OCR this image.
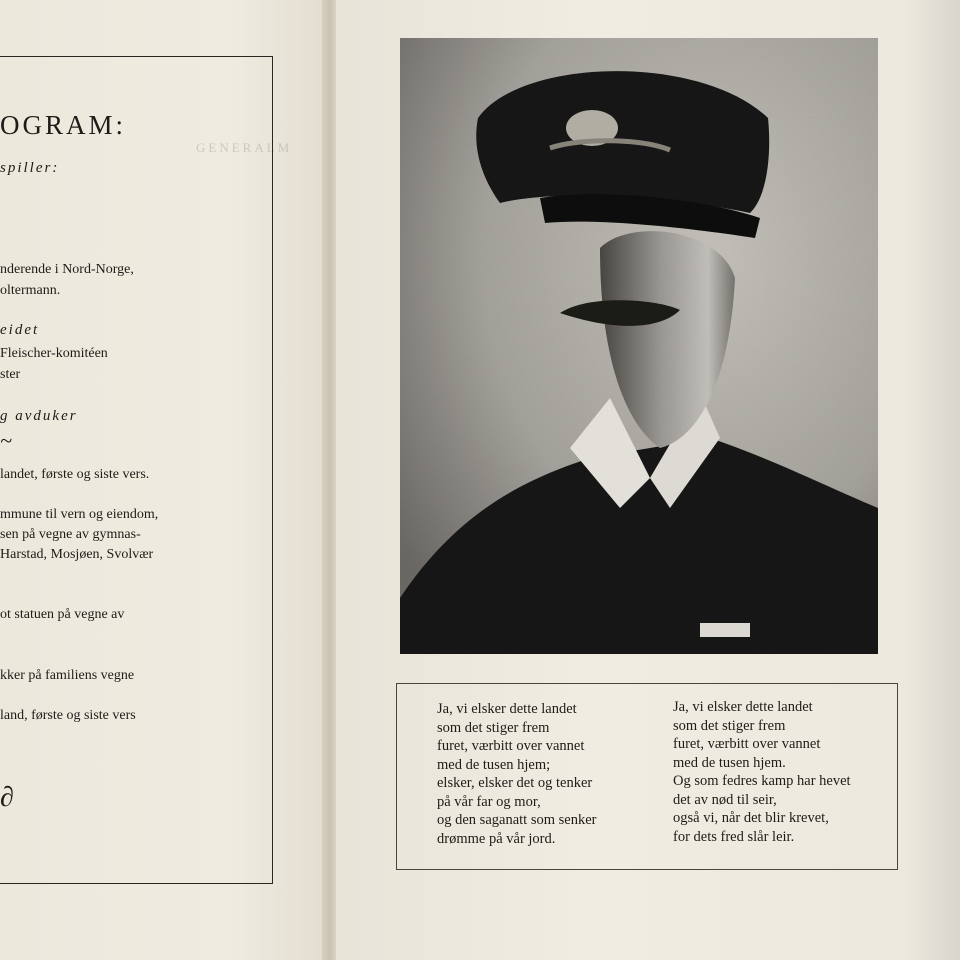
GENERALM
OGRAM:
spiller:
nderende i Nord-Norge,
oltermann.
eidet
Fleischer-komitéen
ster
g avduker
~
landet, første og siste vers.
mmune til vern og eiendom,
sen på vegne av gymnas-
Harstad, Mosjøen, Svolvær
ot statuen på vegne av
kker på familiens vegne
land, første og siste vers
∂
Ja, vi elsker dette landet
som det stiger frem
furet, værbitt over vannet
med de tusen hjem;
elsker, elsker det og tenker
på vår far og mor,
og den saganatt som senker
drømme på vår jord.
Ja, vi elsker dette landet
som det stiger frem
furet, værbitt over vannet
med de tusen hjem.
Og som fedres kamp har hevet
det av nød til seir,
også vi, når det blir krevet,
for dets fred slår leir.
